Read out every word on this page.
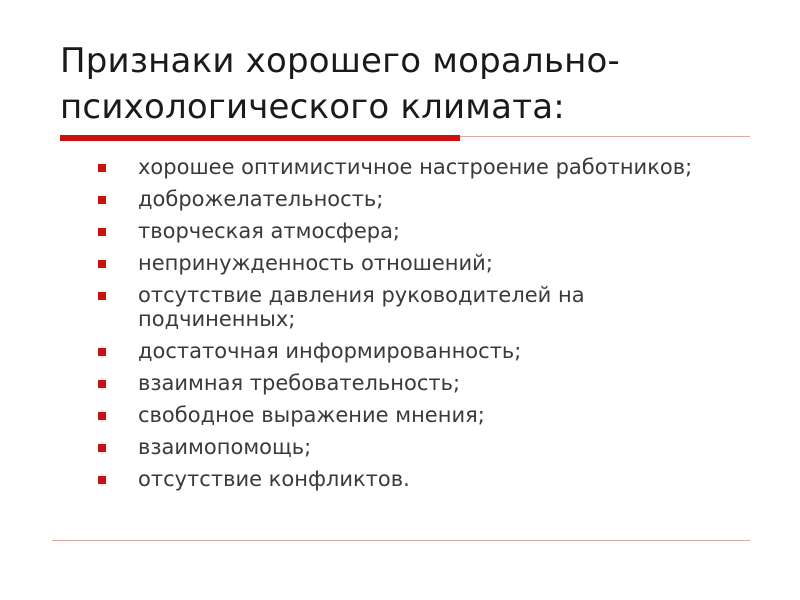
Признаки хорошего морально-психологического климата:
хорошее оптимистичное настроение работников;
доброжелательность;
творческая атмосфера;
непринужденность отношений;
отсутствие давления руководителей на подчиненных;
достаточная информированность;
взаимная требовательность;
свободное выражение мнения;
взаимопомощь;
отсутствие конфликтов.
